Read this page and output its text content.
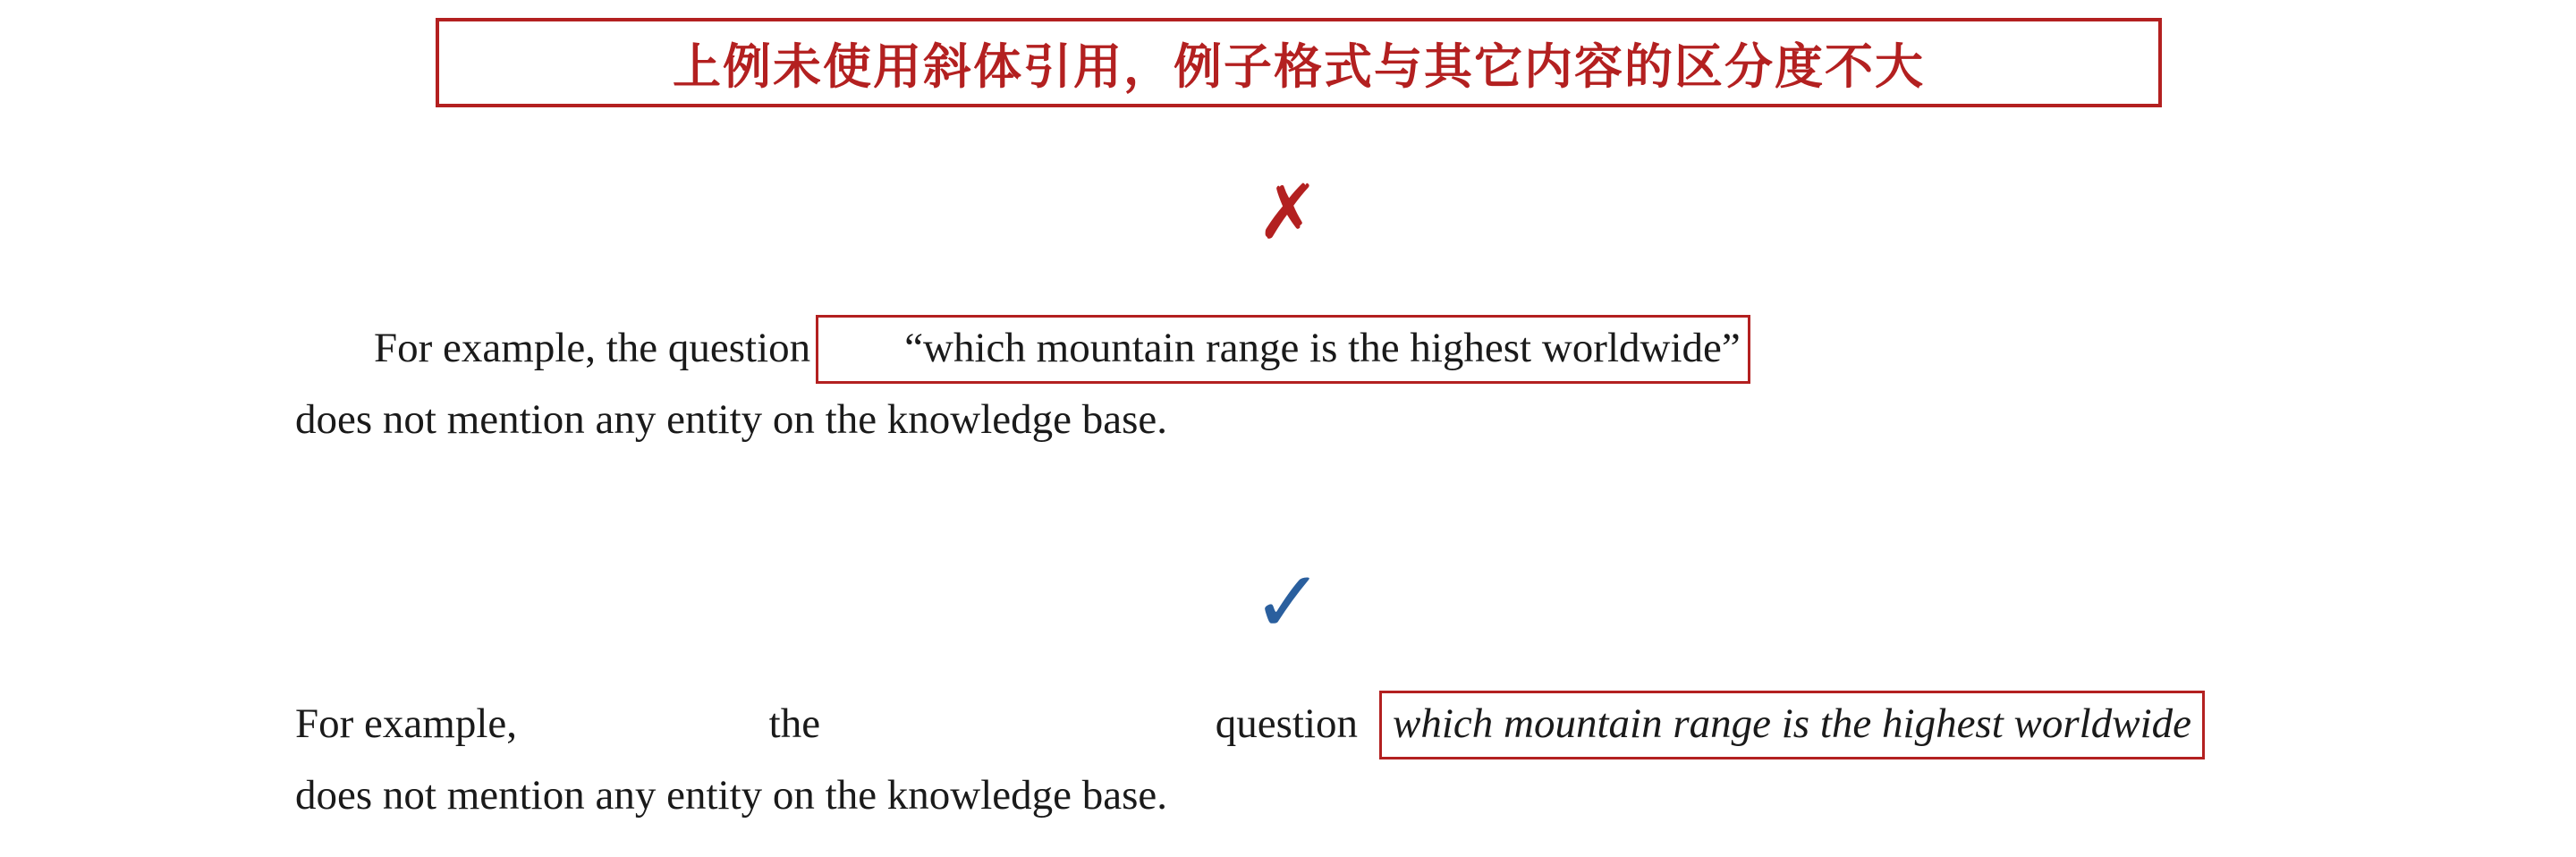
上例未使用斜体引用，例子格式与其它内容的区分度不大
✗
For example, the question “which mountain range is the highest worldwide”
does not mention any entity on the knowledge base.
✓
For example,	the	question which mountain range is the highest worldwide
does not mention any entity on the knowledge base.
